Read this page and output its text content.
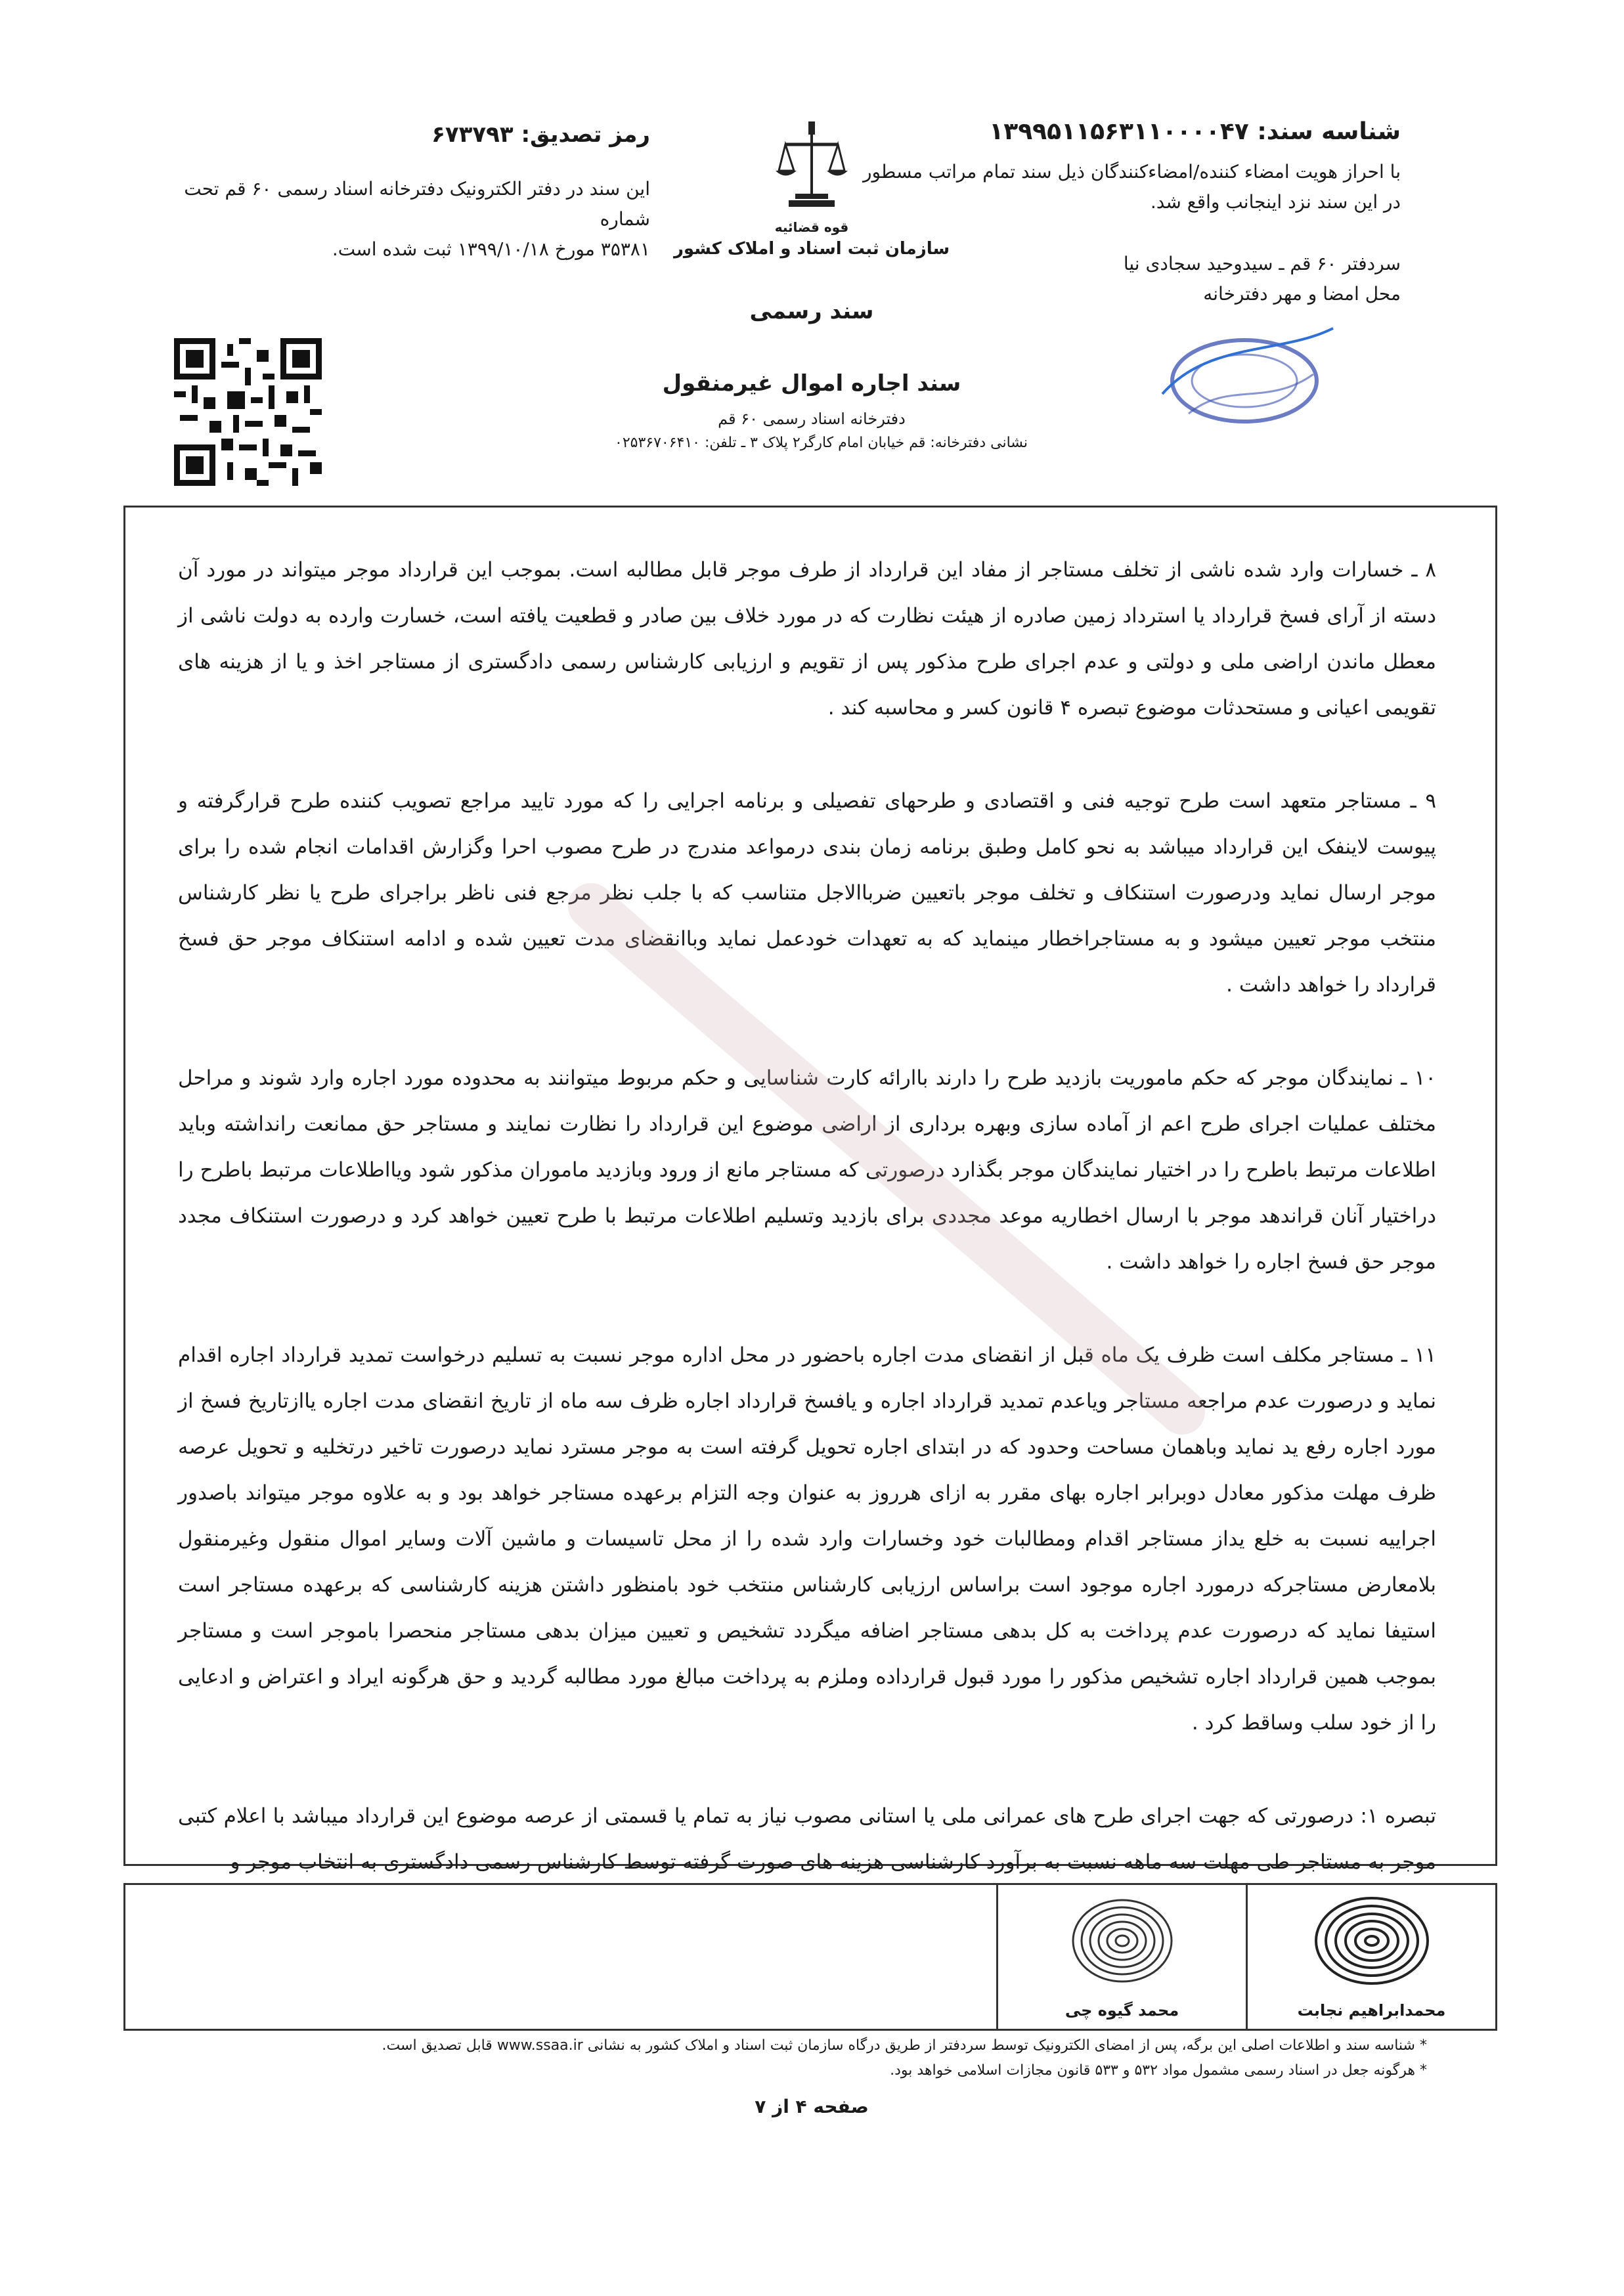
شناسه سند: ۱۳۹۹۵۱۱۵۶۳۱۱۰۰۰۰۴۷
با احراز هویت امضاء کننده/امضاءکنندگان ذیل سند تمام مراتب مسطور
در این سند نزد اینجانب واقع شد.
سردفتر ۶۰ قم ـ سیدوحید سجادی نیا
محل امضا و مهر دفترخانه
قوه قضائیه
سازمان ثبت اسناد و املاک کشور
سند رسمی
سند اجاره اموال غیرمنقول
دفترخانه اسناد رسمی ۶۰ قم
نشانی دفترخانه: قم خیابان امام کارگر۲ پلاک ۳ ـ تلفن: ۰۲۵۳۶۷۰۶۴۱۰
رمز تصدیق: ۶۷۳۷۹۳
این سند در دفتر الکترونیک دفترخانه اسناد رسمی ۶۰ قم تحت شماره
۳۵۳۸۱ مورخ ۱۳۹۹/۱۰/۱۸ ثبت شده است.

۸ ـ خسارات وارد شده ناشی از تخلف مستاجر از مفاد این قرارداد از طرف موجر قابل مطالبه است. بموجب این قرارداد موجر میتواند در مورد آن دسته از آرای فسخ قرارداد یا استرداد زمین صادره از هیئت نظارت که در مورد خلاف بین صادر و قطعیت یافته است، خسارت وارده به دولت ناشی از معطل ماندن اراضی ملی و دولتی و عدم اجرای طرح مذکور پس از تقویم و ارزیابی کارشناس رسمی دادگستری از مستاجر اخذ و یا از هزینه های تقویمی اعیانی و مستحدثات موضوع تبصره ۴ قانون کسر و محاسبه کند .

۹ ـ مستاجر متعهد است طرح توجیه فنی و اقتصادی و طرحهای تفصیلی و برنامه اجرایی را که مورد تایید مراجع تصویب کننده طرح قرارگرفته و پیوست لاینفک این قرارداد میباشد به نحو کامل وطبق برنامه زمان بندی درمواعد مندرج در طرح مصوب احرا وگزارش اقدامات انجام شده را برای موجر ارسال نماید ودرصورت استنکاف و تخلف موجر باتعیین ضرباالاجل متناسب که با جلب نظر مرجع فنی ناظر براجرای طرح یا نظر کارشناس منتخب موجر تعیین میشود و به مستاجراخطار مینماید که به تعهدات خودعمل نماید وباانقضای مدت تعیین شده و ادامه استنکاف موجر حق فسخ قرارداد را خواهد داشت .

۱۰ ـ نمایندگان موجر که حکم ماموریت بازدید طرح را دارند باارائه کارت شناسایی و حکم مربوط میتوانند به محدوده مورد اجاره وارد شوند و مراحل مختلف عملیات اجرای طرح اعم از آماده سازی وبهره برداری از اراضی موضوع این قرارداد را نظارت نمایند و مستاجر حق ممانعت رانداشته وباید اطلاعات مرتبط باطرح را در اختیار نمایندگان موجر بگذارد درصورتی که مستاجر مانع از ورود وبازدید ماموران مذکور شود ویااطلاعات مرتبط باطرح را دراختیار آنان قراندهد موجر با ارسال اخطاریه موعد مجددی برای بازدید وتسلیم اطلاعات مرتبط با طرح تعیین خواهد کرد و درصورت استنکاف مجدد موجر حق فسخ اجاره را خواهد داشت .

۱۱ ـ مستاجر مکلف است ظرف یک ماه قبل از انقضای مدت اجاره باحضور در محل اداره موجر نسبت به تسلیم درخواست تمدید قرارداد اجاره اقدام نماید و درصورت عدم مراجعه مستاجر ویاعدم تمدید قرارداد اجاره و یافسخ قرارداد اجاره ظرف سه ماه از تاریخ انقضای مدت اجاره یاازتاریخ فسخ از مورد اجاره رفع ید نماید وباهمان مساحت وحدود که در ابتدای اجاره تحویل گرفته است به موجر مسترد نماید درصورت تاخیر درتخلیه و تحویل عرصه ظرف مهلت مذکور معادل دوبرابر اجاره بهای مقرر به ازای هرروز به عنوان وجه التزام برعهده مستاجر خواهد بود و به علاوه موجر میتواند باصدور اجراییه نسبت به خلع یداز مستاجر اقدام ومطالبات خود وخسارات وارد شده را از محل تاسیسات و ماشین آلات وسایر اموال منقول وغیرمنقول بلامعارض مستاجرکه درمورد اجاره موجود است براساس ارزیابی کارشناس منتخب خود بامنظور داشتن هزینه کارشناسی که برعهده مستاجر است استیفا نماید که درصورت عدم پرداخت به کل بدهی مستاجر اضافه میگردد تشخیص و تعیین میزان بدهی مستاجر منحصرا باموجر است و مستاجر بموجب همین قرارداد اجاره تشخیص مذکور را مورد قبول قرارداده وملزم به پرداخت مبالغ مورد مطالبه گردید و حق هرگونه ایراد و اعتراض و ادعایی را از خود سلب وساقط کرد .

تبصره ۱: درصورتی که جهت اجرای طرح های عمرانی ملی یا استانی مصوب نیاز به تمام یا قسمتی از عرصه موضوع این قرارداد میباشد با اعلام کتبی موجر به مستاجر طی مهلت سه ماهه نسبت به برآورد کارشناسی هزینه های صورت گرفته توسط کارشناس رسمی دادگستری به انتخاب موجر و

محمدابراهیم نجابت
محمد گیوه چی
* شناسه سند و اطلاعات اصلی این برگه، پس از امضای الکترونیک توسط سردفتر از طریق درگاه سازمان ثبت اسناد و املاک کشور به نشانی www.ssaa.ir قابل تصدیق است.
* هرگونه جعل در اسناد رسمی مشمول مواد ۵۳۲ و ۵۳۳ قانون مجازات اسلامی خواهد بود.
صفحه ۴ از ۷
